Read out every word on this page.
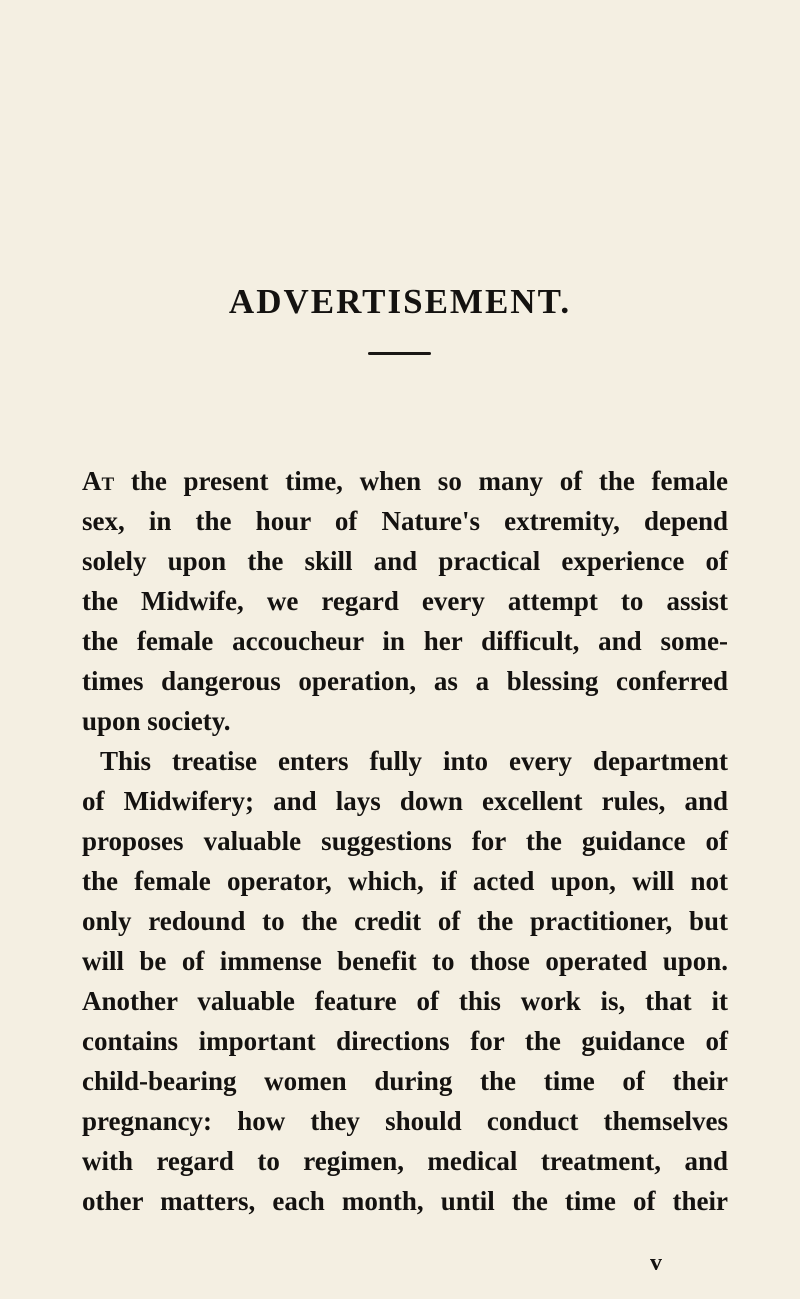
ADVERTISEMENT.
At the present time, when so many of the female
sex, in the hour of Nature's extremity, depend
solely upon the skill and practical experience of
the Midwife, we regard every attempt to assist
the female accoucheur in her difficult, and some-
times dangerous operation, as a blessing conferred
upon society.
This treatise enters fully into every department
of Midwifery; and lays down excellent rules, and
proposes valuable suggestions for the guidance of
the female operator, which, if acted upon, will not
only redound to the credit of the practitioner, but
will be of immense benefit to those operated upon.
Another valuable feature of this work is, that it
contains important directions for the guidance of
child-bearing women during the time of their
pregnancy: how they should conduct themselves
with regard to regimen, medical treatment, and
other matters, each month, until the time of their
v
